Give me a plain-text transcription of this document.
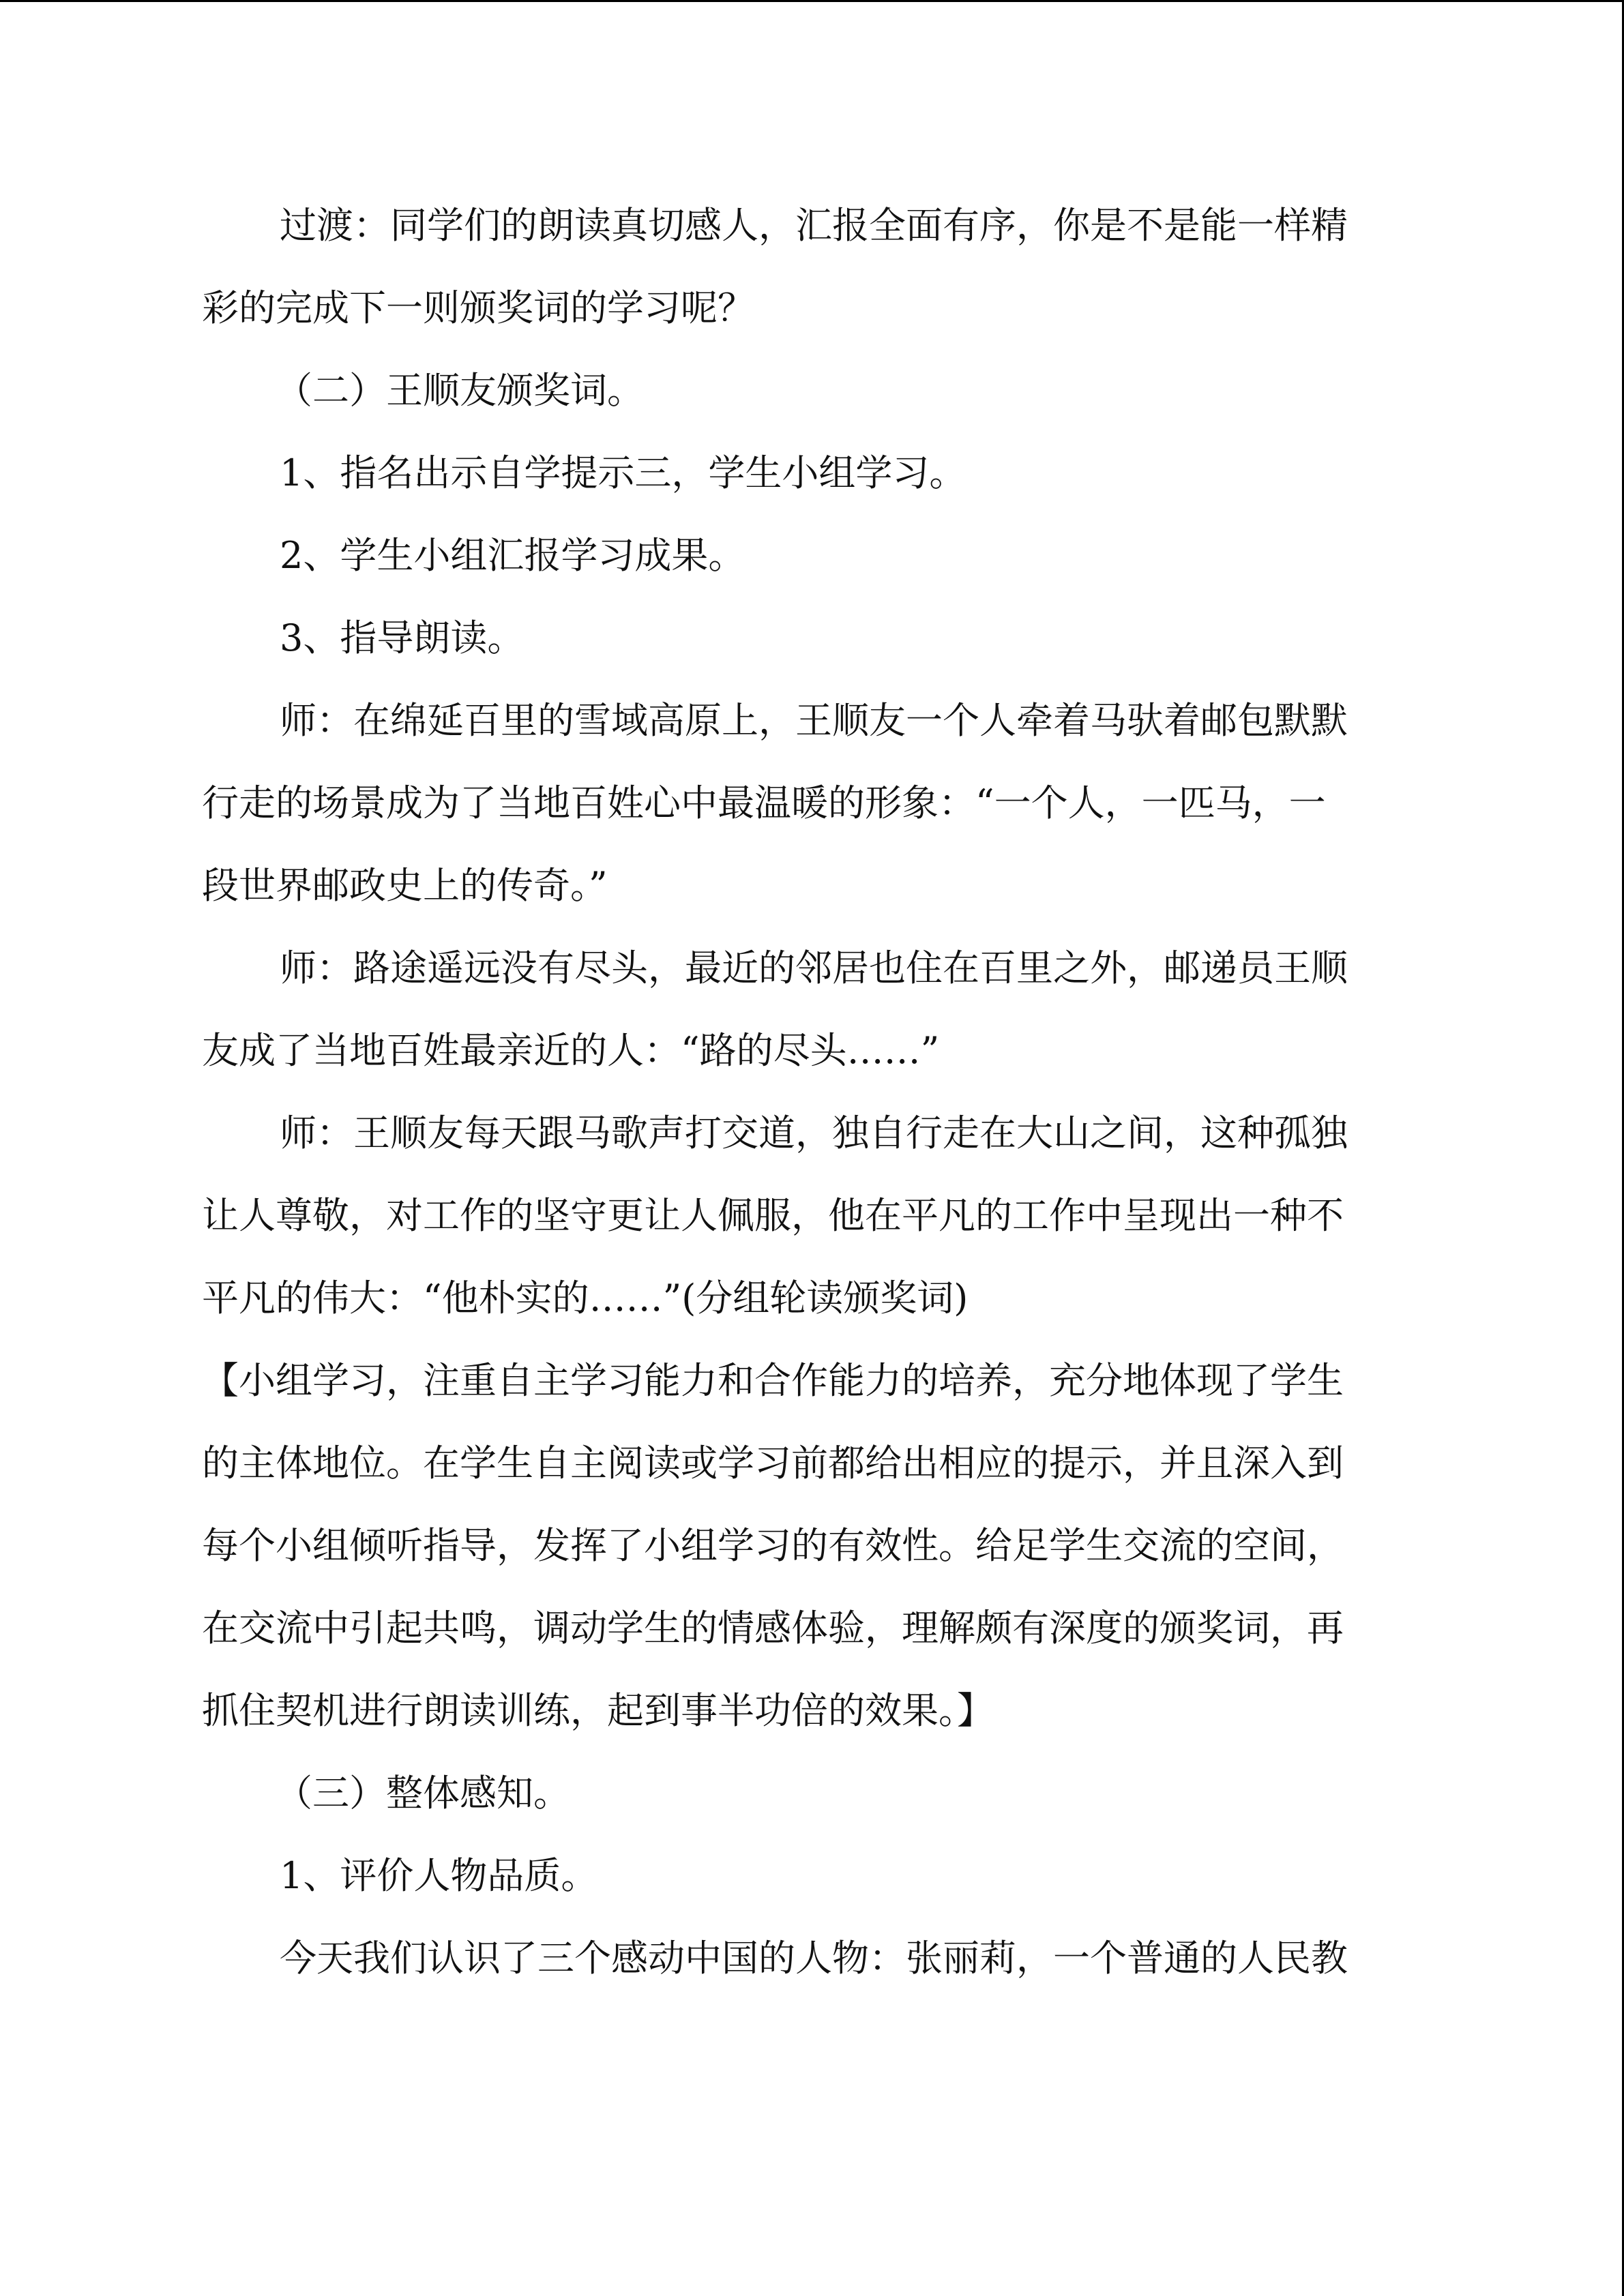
过渡：同学们的朗读真切感人，汇报全面有序，你是不是能一样精
彩的完成下一则颁奖词的学习呢？
（二）王顺友颁奖词。
1、指名出示自学提示三，学生小组学习。
2、学生小组汇报学习成果。
3、指导朗读。
师：在绵延百里的雪域高原上，王顺友一个人牵着马驮着邮包默默
行走的场景成为了当地百姓心中最温暖的形象：“一个人，一匹马，一
段世界邮政史上的传奇。”
师：路途遥远没有尽头，最近的邻居也住在百里之外，邮递员王顺
友成了当地百姓最亲近的人：“路的尽头……”
师：王顺友每天跟马歌声打交道，独自行走在大山之间，这种孤独
让人尊敬，对工作的坚守更让人佩服，他在平凡的工作中呈现出一种不
平凡的伟大：“他朴实的……”(分组轮读颁奖词)
【小组学习，注重自主学习能力和合作能力的培养，充分地体现了学生
的主体地位。在学生自主阅读或学习前都给出相应的提示，并且深入到
每个小组倾听指导，发挥了小组学习的有效性。给足学生交流的空间，
在交流中引起共鸣，调动学生的情感体验，理解颇有深度的颁奖词，再
抓住契机进行朗读训练，起到事半功倍的效果。】
（三）整体感知。
1、评价人物品质。
今天我们认识了三个感动中国的人物：张丽莉，一个普通的人民教
